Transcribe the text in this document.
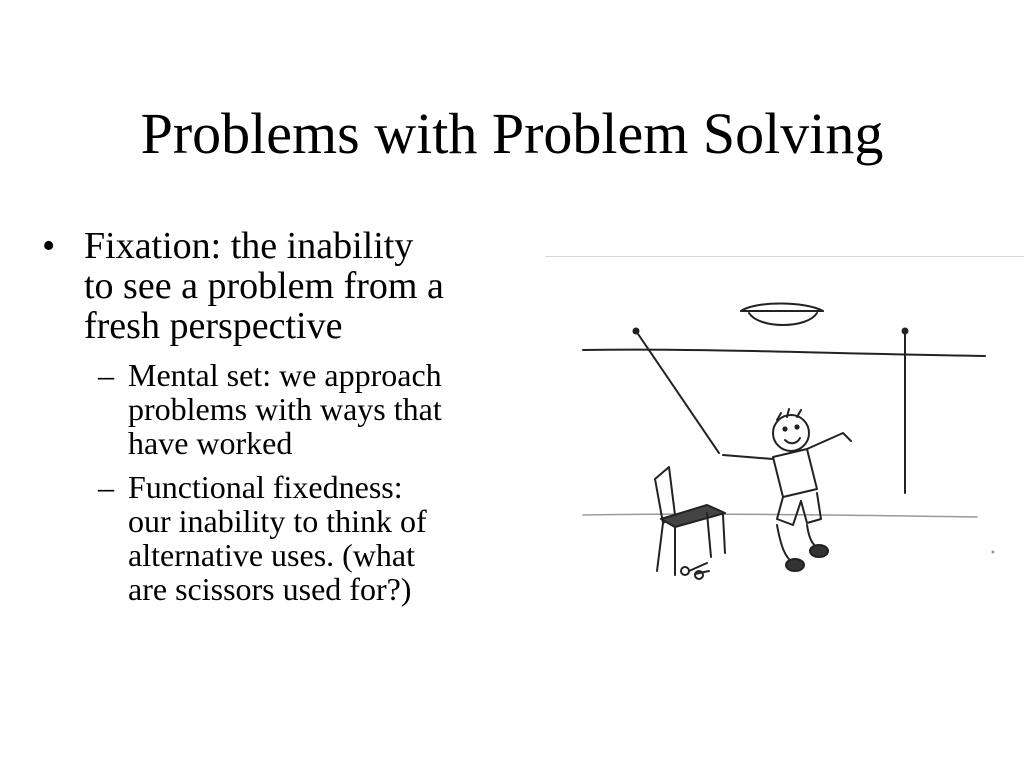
Problems with Problem Solving
• Fixation: the inability
to see a problem from a
fresh perspective
– Mental set: we approach
problems with ways that
have worked
– Functional fixedness:
our inability to think of
alternative uses. (what
are scissors used for?)
